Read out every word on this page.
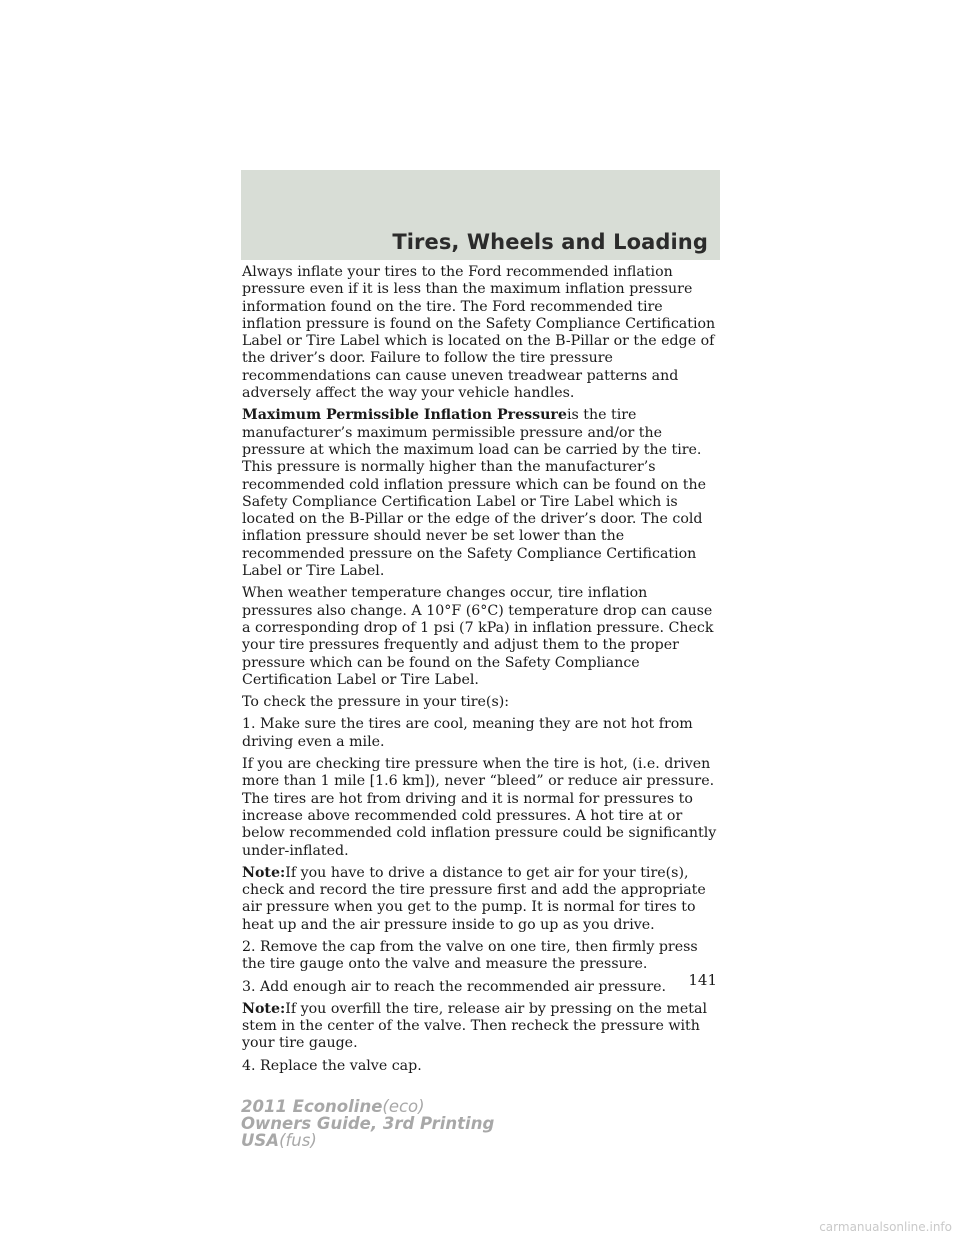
Tires, Wheels and Loading

Always inflate your tires to the Ford recommended inflation pressure even if it is less than the maximum inflation pressure information found on the tire. The Ford recommended tire inflation pressure is found on the Safety Compliance Certification Label or Tire Label which is located on the B-Pillar or the edge of the driver’s door. Failure to follow the tire pressure recommendations can cause uneven treadwear patterns and adversely affect the way your vehicle handles.

Maximum Permissible Inflation Pressureis the tire manufacturer’s maximum permissible pressure and/or the pressure at which the maximum load can be carried by the tire. This pressure is normally higher than the manufacturer’s recommended cold inflation pressure which can be found on the Safety Compliance Certification Label or Tire Label which is located on the B-Pillar or the edge of the driver’s door. The cold inflation pressure should never be set lower than the recommended pressure on the Safety Compliance Certification Label or Tire Label.

When weather temperature changes occur, tire inflation pressures also change. A 10°F (6°C) temperature drop can cause a corresponding drop of 1 psi (7 kPa) in inflation pressure. Check your tire pressures frequently and adjust them to the proper pressure which can be found on the Safety Compliance Certification Label or Tire Label.

To check the pressure in your tire(s):

1. Make sure the tires are cool, meaning they are not hot from driving even a mile.

If you are checking tire pressure when the tire is hot, (i.e. driven more than 1 mile [1.6 km]), never “bleed” or reduce air pressure. The tires are hot from driving and it is normal for pressures to increase above recommended cold pressures. A hot tire at or below recommended cold inflation pressure could be significantly under-inflated.

Note:If you have to drive a distance to get air for your tire(s), check and record the tire pressure first and add the appropriate air pressure when you get to the pump. It is normal for tires to heat up and the air pressure inside to go up as you drive.

2. Remove the cap from the valve on one tire, then firmly press the tire gauge onto the valve and measure the pressure.

3. Add enough air to reach the recommended air pressure.

Note:If you overfill the tire, release air by pressing on the metal stem in the center of the valve. Then recheck the pressure with your tire gauge.

4. Replace the valve cap.

141
2011 Econoline(eco)
Owners Guide, 3rd Printing
USA(fus)
carmanualsonline.info
